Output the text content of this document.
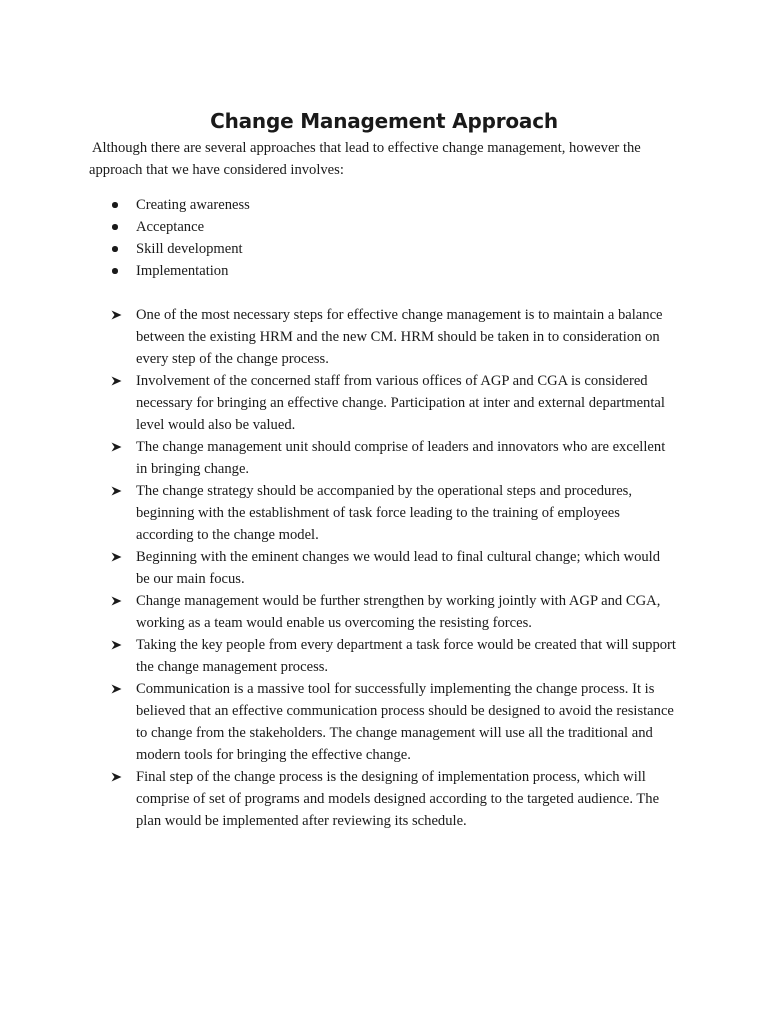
Change Management Approach

Although there are several approaches that lead to effective change management, however the approach that we have considered involves:

Creating awareness
Acceptance
Skill development
Implementation
One of the most necessary steps for effective change management is to maintain a balance between the existing HRM and the new CM. HRM should be taken in to consideration on every step of the change process.
Involvement of the concerned staff from various offices of AGP and CGA is considered necessary for bringing an effective change. Participation at inter and external departmental level would also be valued.
The change management unit should comprise of leaders and innovators who are excellent in bringing change.
The change strategy should be accompanied by the operational steps and procedures, beginning with the establishment of task force leading to the training of employees according to the change model.
Beginning with the eminent changes we would lead to final cultural change; which would be our main focus.
Change management would be further strengthen by working jointly with AGP and CGA, working as a team would enable us overcoming the resisting forces.
Taking the key people from every department a task force would be created that will support the change management process.
Communication is a massive tool for successfully implementing the change process. It is believed that an effective communication process should be designed to avoid the resistance to change from the stakeholders. The change management will use all the traditional and modern tools for bringing the effective change.
Final step of the change process is the designing of implementation process, which will comprise of set of programs and models designed according to the targeted audience. The plan would be implemented after reviewing its schedule.
